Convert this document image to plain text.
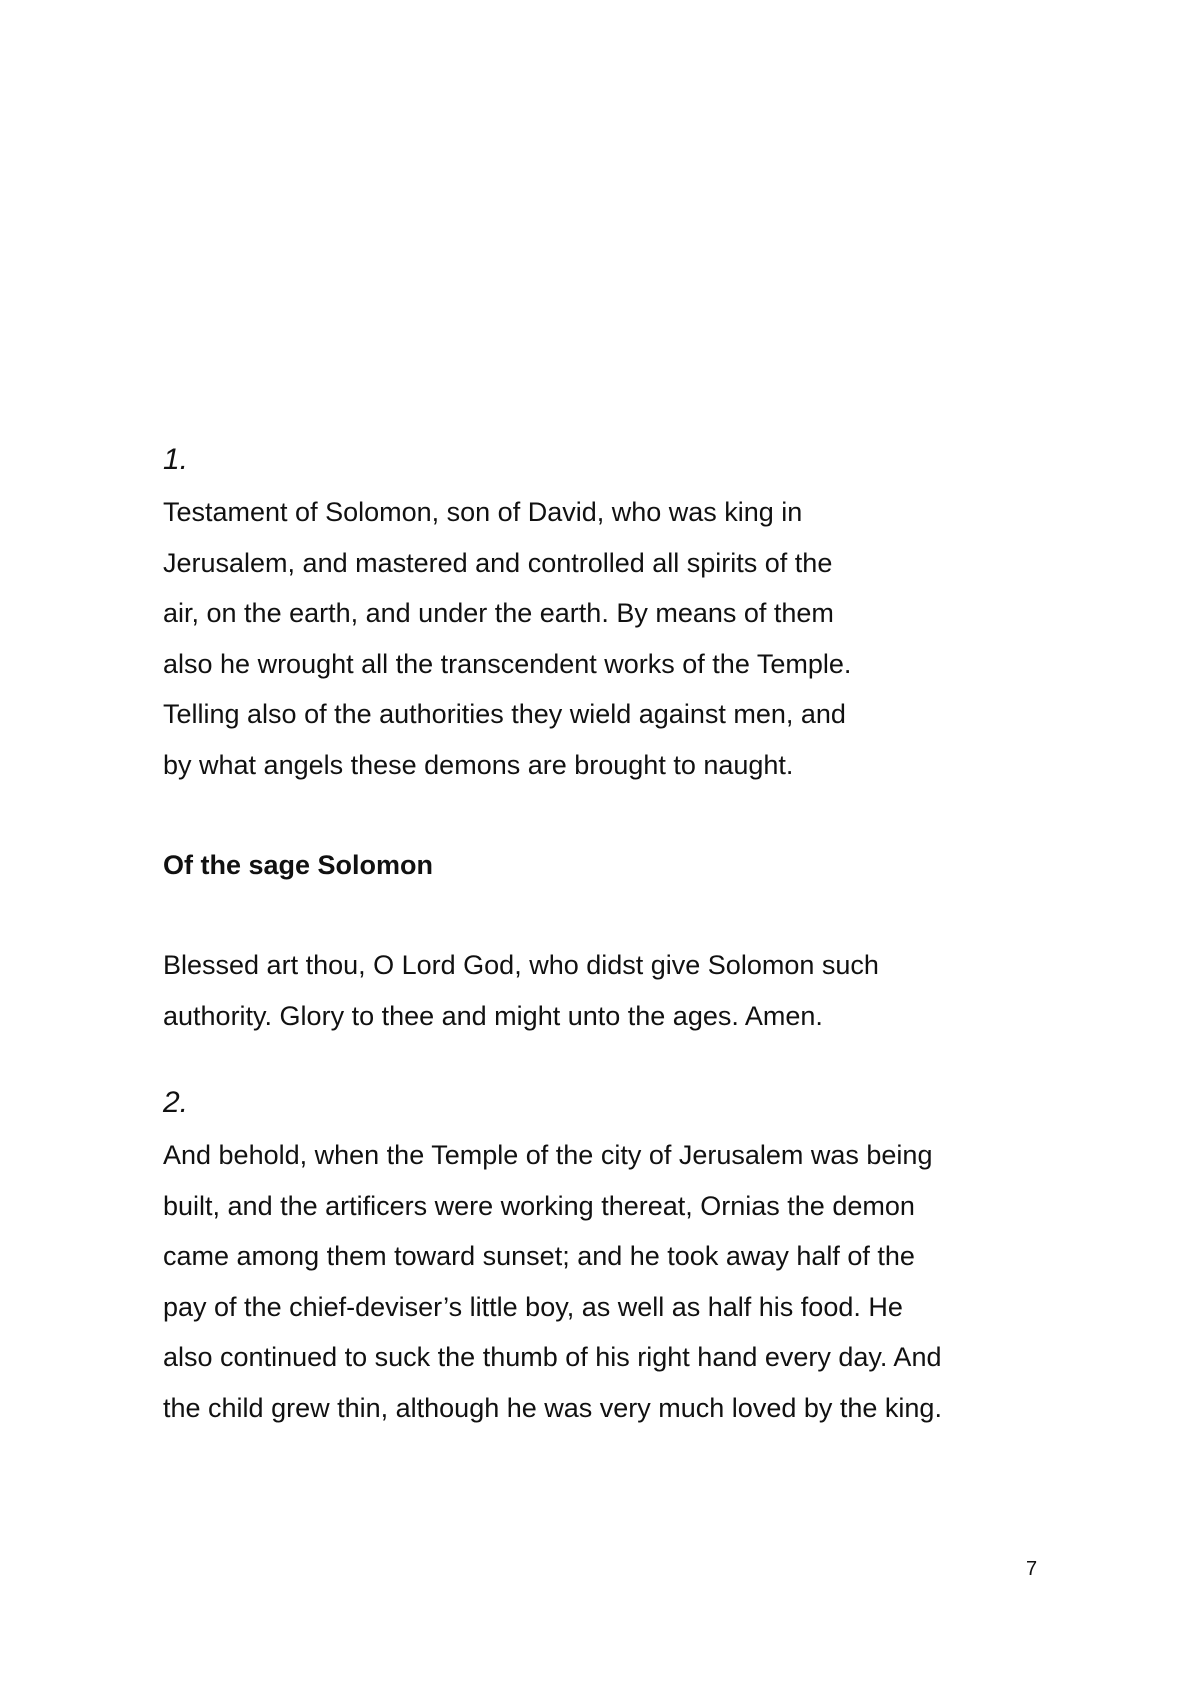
1.

Testament of Solomon, son of David, who was king in
Jerusalem, and mastered and controlled all spirits of the
air, on the earth, and under the earth. By means of them
also he wrought all the transcendent works of the Temple.
Telling also of the authorities they wield against men, and
by what angels these demons are brought to naught.

Of the sage Solomon

Blessed art thou, O Lord God, who didst give Solomon such
authority. Glory to thee and might unto the ages. Amen.

2.

And behold, when the Temple of the city of Jerusalem was being
built, and the artificers were working thereat, Ornias the demon
came among them toward sunset; and he took away half of the
pay of the chief-deviser’s little boy, as well as half his food. He
also continued to suck the thumb of his right hand every day. And
the child grew thin, although he was very much loved by the king.

7
